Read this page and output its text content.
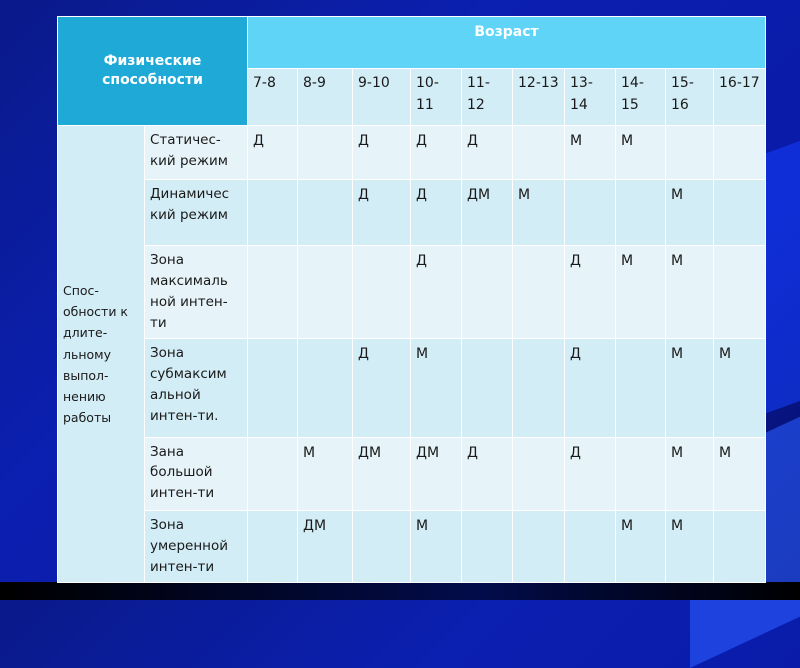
Физические способности		Возраст									
		7-8	8-9	9-10	10-11	11-12	12-13	13-14	14-15	15-16	16-17
Спос-обности к длите-льному выпол-нению работы	Статичес-кий режим	Д		Д	Д	Д		М	М		
	Динамичес кий режим			Д	Д	ДМ	М			М	
	Зона максималь ной интен-ти				Д			Д	М	М	
	Зона субмаксим альной интен-ти.			Д	М			Д		М	М
	Зана большой интен-ти		М	ДМ	ДМ	Д		Д		М	М
	Зона умеренной интен-ти		ДМ		М				М	М	
